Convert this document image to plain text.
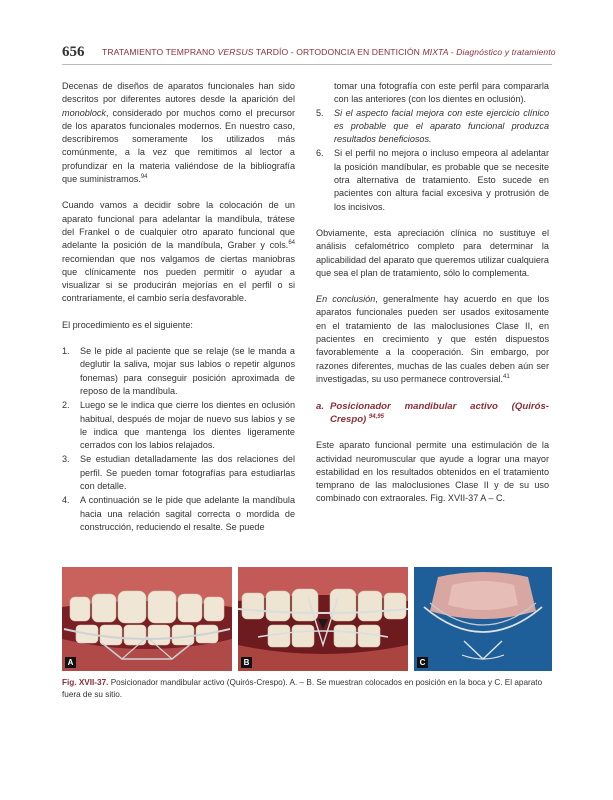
656 TRATAMIENTO TEMPRANO VERSUS TARDÍO - ORTODONCIA EN DENTICIÓN MIXTA - Diagnóstico y tratamiento

Decenas de diseños de aparatos funcionales han sido descritos por diferentes autores desde la aparición del monoblock, considerado por muchos como el precursor de los aparatos funcionales modernos. En nuestro caso, describiremos someramente los utilizados más comúnmente, a la vez que remitimos al lector a profundizar en la materia valiéndose de la bibliografía que suministramos.$^{94}$

Cuando vamos a decidir sobre la colocación de un aparato funcional para adelantar la mandíbula, trátese del Frankel o de cualquier otro aparato funcional que adelante la posición de la mandíbula, Graber y cols.$^{64}$ recomiendan que nos valgamos de ciertas maniobras que clínicamente nos pueden permitir o ayudar a visualizar si se producirán mejorías en el perfil o si contrariamente, el cambio sería desfavorable.

El procedimiento es el siguiente:

1. Se le pide al paciente que se relaje (se le manda a deglutir la saliva, mojar sus labios o repetir algunos fonemas) para conseguir posición aproximada de reposo de la mandíbula.
2. Luego se le indica que cierre los dientes en oclusión habitual, después de mojar de nuevo sus labios y se le indica que mantenga los dientes ligeramente cerrados con los labios relajados.
3. Se estudian detalladamente las dos relaciones del perfil. Se pueden tomar fotografías para estudiarlas con detalle.
4. A continuación se le pide que adelante la mandíbula hacia una relación sagital correcta o mordida de construcción, reduciendo el resalte. Se puede

tomar una fotografía con este perfil para compararla con las anteriores (con los dientes en oclusión).

5. Si el aspecto facial mejora con este ejercicio clínico es probable que el aparato funcional produzca resultados beneficiosos.
6. Si el perfil no mejora o incluso empeora al adelantar la posición mandíbular, es probable que se necesite otra alternativa de tratamiento. Esto sucede en pacientes con altura facial excesiva y protrusión de los incisivos.

Obviamente, esta apreciación clínica no sustituye el análisis cefalométrico completo para determinar la aplicabilidad del aparato que queremos utilizar cualquiera que sea el plan de tratamiento, sólo lo complementa.

En conclusión, generalmente hay acuerdo en que los aparatos funcionales pueden ser usados exitosamente en el tratamiento de las maloclusiones Clase II, en pacientes en crecimiento y que estén dispuestos favorablemente a la cooperación. Sin embargo, por razones diferentes, muchas de las cuales deben aún ser investigadas, su uso permanece controversial.$^{41}$

a. Posicionador mandibular activo (Quirós-Crespo) $^{94,95}$

Este aparato funcional permite una estimulación de la actividad neuromuscular que ayude a lograr una mayor estabilidad en los resultados obtenidos en el tratamiento temprano de las maloclusiones Clase II y de su uso combinado con extraorales. Fig. XVII-37 A – C.

A	B	C
Fig. XVII-37. Posicionador mandibular activo (Quirós-Crespo). A. – B. Se muestran colocados en posición en la boca y C. El aparato fuera de su sitio.
